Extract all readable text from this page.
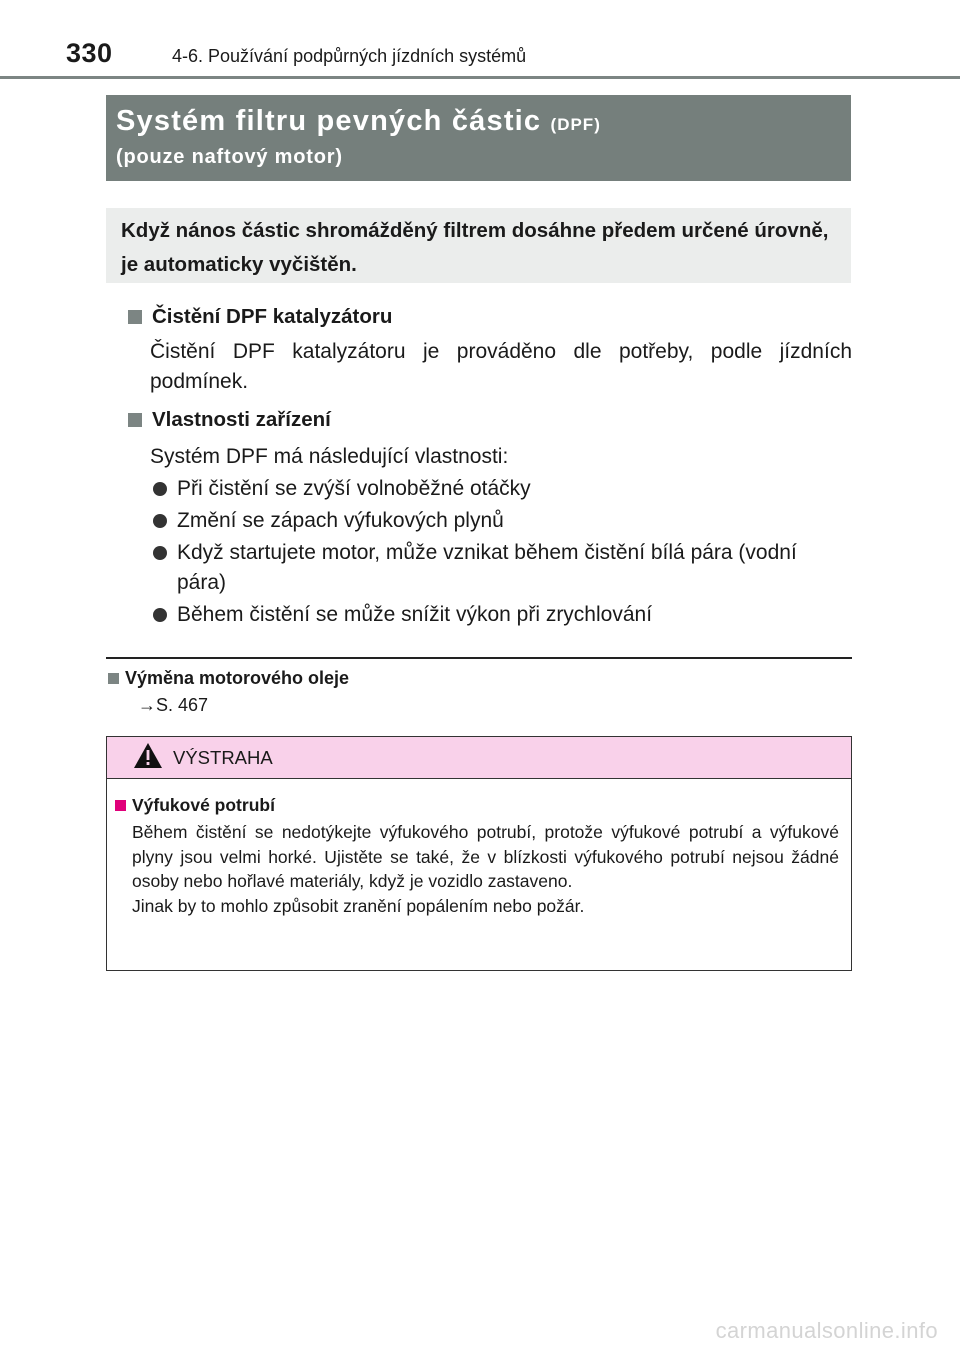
330	4-6. Používání podpůrných jízdních systémů
Systém filtru pevných částic (DPF)
(pouze naftový motor)
Když nános částic shromážděný filtrem dosáhne předem určené úrovně, je automaticky vyčištěn.
Čistění DPF katalyzátoru
Čistění DPF katalyzátoru je prováděno dle potřeby, podle jízdních podmínek.
Vlastnosti zařízení
Systém DPF má následující vlastnosti:
Při čistění se zvýší volnoběžné otáčky
Změní se zápach výfukových plynů
Když startujete motor, může vznikat během čistění bílá pára (vodní pára)
Během čistění se může snížit výkon při zrychlování
Výměna motorového oleje
→S. 467
VÝSTRAHA
Výfukové potrubí
Během čistění se nedotýkejte výfukového potrubí, protože výfukové potrubí a výfukové plyny jsou velmi horké. Ujistěte se také, že v blízkosti výfukového potrubí nejsou žádné osoby nebo hořlavé materiály, když je vozidlo zastaveno.
Jinak by to mohlo způsobit zranění popálením nebo požár.
carmanualsonline.info
